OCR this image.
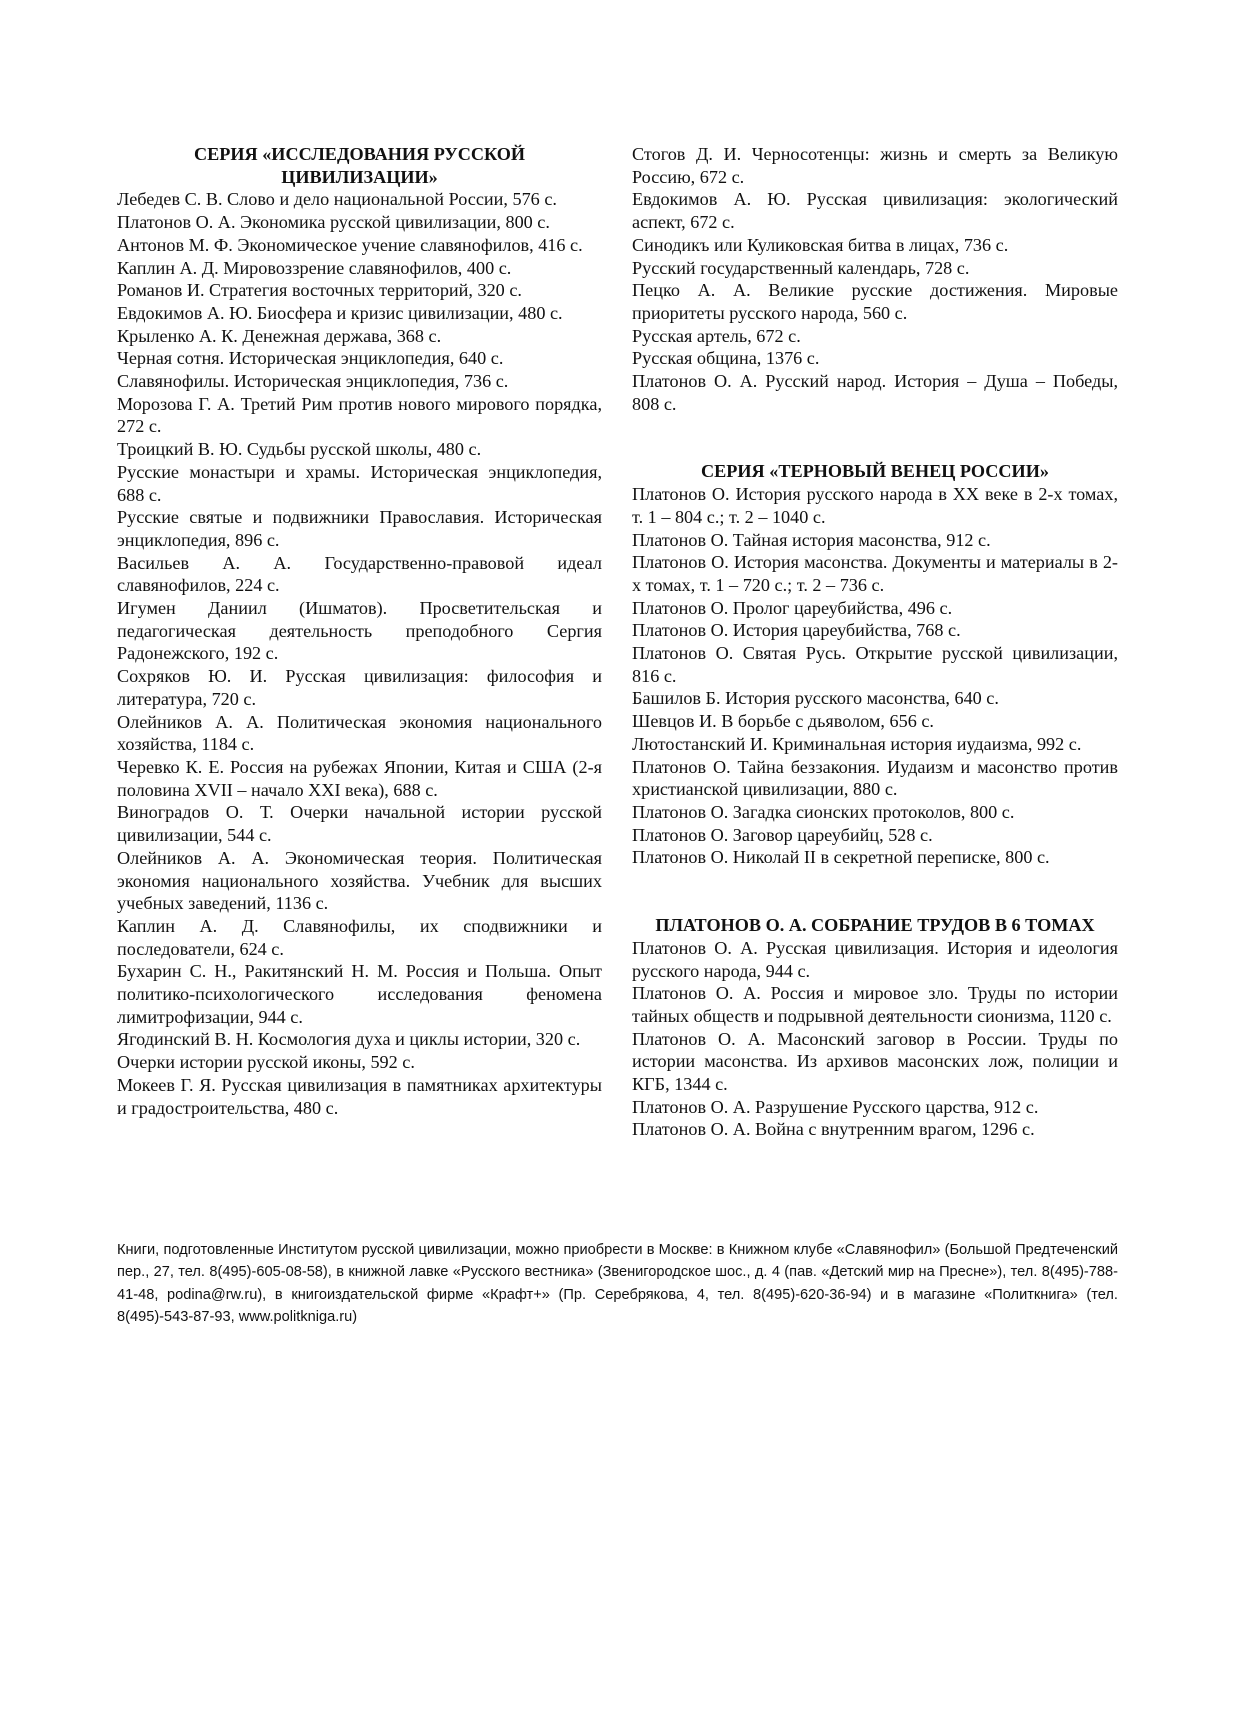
СЕРИЯ «ИССЛЕДОВАНИЯ РУССКОЙ ЦИВИЛИЗАЦИИ»

Лебедев С. В. Слово и дело национальной России, 576 с.

Платонов О. А. Экономика русской цивилизации, 800 с.

Антонов М. Ф. Экономическое учение славянофилов, 416 с.

Каплин А. Д. Мировоззрение славянофилов, 400 с.

Романов И. Стратегия восточных территорий, 320 с.

Евдокимов А. Ю. Биосфера и кризис цивилизации, 480 с.

Крыленко А. К. Денежная держава, 368 с.

Черная сотня. Историческая энциклопедия, 640 с.

Славянофилы. Историческая энциклопедия, 736 с.

Морозова Г. А. Третий Рим против нового мирового порядка, 272 с.

Троицкий В. Ю. Судьбы русской школы, 480 с.

Русские монастыри и храмы. Историческая энциклопедия, 688 с.

Русские святые и подвижники Православия. Историческая энциклопедия, 896 с.

Васильев А. А. Государственно-правовой идеал славянофилов, 224 с.

Игумен Даниил (Ишматов). Просветительская и педагогическая деятельность преподобного Сергия Радонежского, 192 с.

Сохряков Ю. И. Русская цивилизация: философия и литература, 720 с.

Олейников А. А. Политическая экономия национального хозяйства, 1184 с.

Черевко К. Е. Россия на рубежах Японии, Китая и США (2-я половина XVII – начало XXI века), 688 с.

Виноградов О. Т. Очерки начальной истории русской цивилизации, 544 с.

Олейников А. А. Экономическая теория. Политическая экономия национального хозяйства. Учебник для высших учебных заведений, 1136 с.

Каплин А. Д. Славянофилы, их сподвижники и последователи, 624 с.

Бухарин С. Н., Ракитянский Н. М. Россия и Польша. Опыт политико-психологического исследования феномена лимитрофизации, 944 с.

Ягодинский В. Н. Космология духа и циклы истории, 320 с.

Очерки истории русской иконы, 592 с.

Мокеев Г. Я. Русская цивилизация в памятниках архитектуры и градостроительства, 480 с.

Стогов Д. И. Черносотенцы: жизнь и смерть за Великую Россию, 672 с.

Евдокимов А. Ю. Русская цивилизация: экологический аспект, 672 с.

Синодикъ или Куликовская битва в лицах, 736 с.

Русский государственный календарь, 728 с.

Пецко А. А. Великие русские достижения. Мировые приоритеты русского народа, 560 с.

Русская артель, 672 с.

Русская община, 1376 с.

Платонов О. А. Русский народ. История – Душа – Победы, 808 с.

СЕРИЯ «ТЕРНОВЫЙ ВЕНЕЦ РОССИИ»

Платонов О. История русского народа в XX веке в 2-х томах, т. 1 – 804 с.; т. 2 – 1040 с.

Платонов О. Тайная история масонства, 912 с.

Платонов О. История масонства. Документы и материалы в 2-х томах, т. 1 – 720 с.; т. 2 – 736 с.

Платонов О. Пролог цареубийства, 496 с.

Платонов О. История цареубийства, 768 с.

Платонов О. Святая Русь. Открытие русской цивилизации, 816 с.

Башилов Б. История русского масонства, 640 с.

Шевцов И. В борьбе с дьяволом, 656 с.

Лютостанский И. Криминальная история иудаизма, 992 с.

Платонов О. Тайна беззакония. Иудаизм и масонство против христианской цивилизации, 880 с.

Платонов О. Загадка сионских протоколов, 800 с.

Платонов О. Заговор цареубийц, 528 с.

Платонов О. Николай II в секретной переписке, 800 с.

ПЛАТОНОВ О. А. СОБРАНИЕ ТРУДОВ В 6 ТОМАХ

Платонов О. А. Русская цивилизация. История и идеология русского народа, 944 с.

Платонов О. А. Россия и мировое зло. Труды по истории тайных обществ и подрывной деятельности сионизма, 1120 с.

Платонов О. А. Масонский заговор в России. Труды по истории масонства. Из архивов масонских лож, полиции и КГБ, 1344 с.

Платонов О. А. Разрушение Русского царства, 912 с.

Платонов О. А. Война с внутренним врагом, 1296 с.

Книги, подготовленные Институтом русской цивилизации, можно приобрести в Москве: в Книжном клубе «Славянофил» (Большой Предтеченский пер., 27, тел. 8(495)-605-08-58), в книжной лавке «Русского вестника» (Звенигородское шос., д. 4 (пав. «Детский мир на Пресне»), тел. 8(495)-788-41-48, podina@rw.ru), в книгоиздательской фирме «Крафт+» (Пр. Серебрякова, 4, тел. 8(495)-620-36-94) и в магазине «Политкнига» (тел. 8(495)-543-87-93, www.politkniga.ru)
